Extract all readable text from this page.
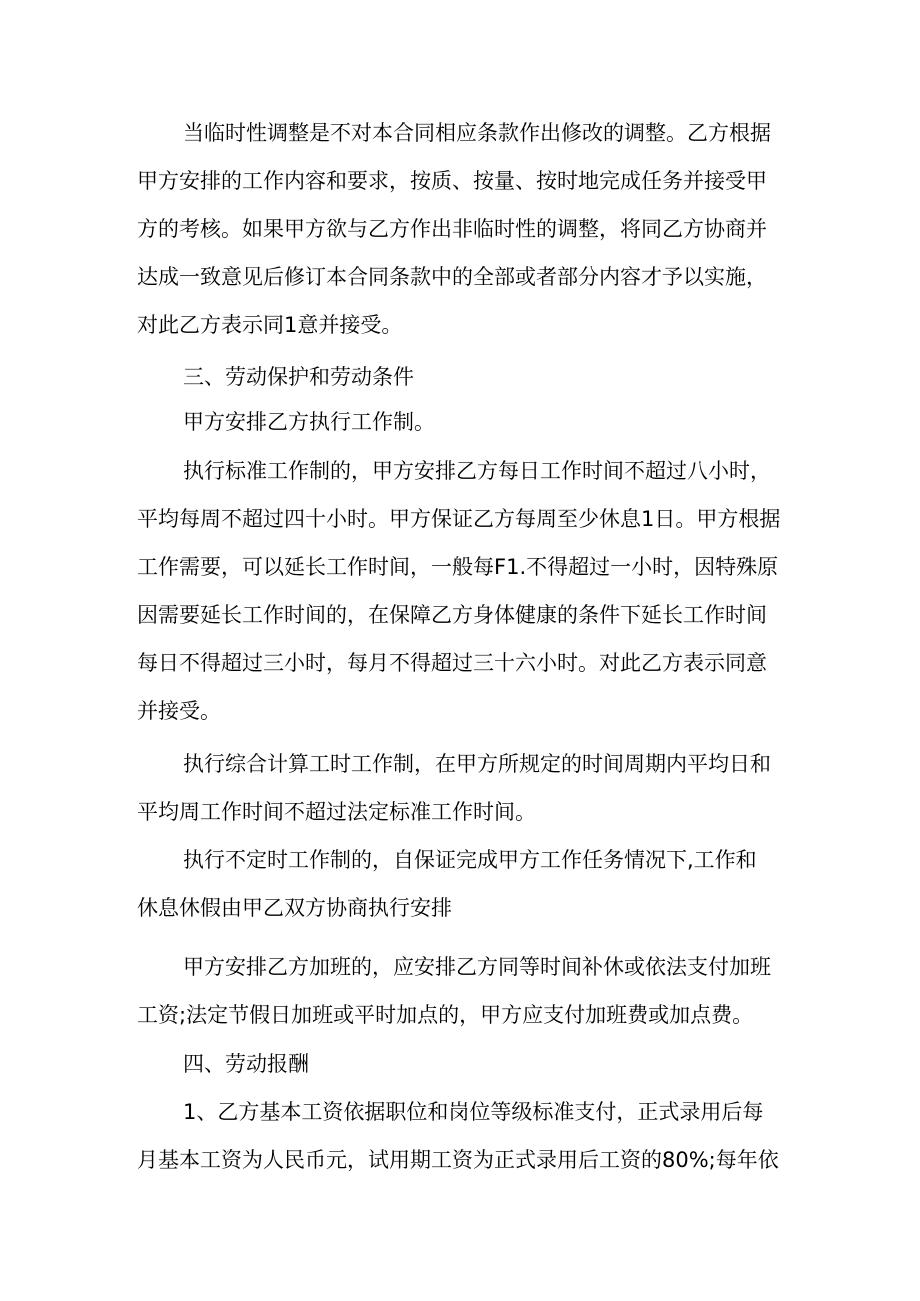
当临时性调整是不对本合同相应条款作出修改的调整。乙方根据
甲方安排的工作内容和要求，按质、按量、按时地完成任务并接受甲
方的考核。如果甲方欲与乙方作出非临时性的调整，将同乙方协商并
达成一致意见后修订本合同条款中的全部或者部分内容才予以实施，
对此乙方表示同1意并接受。
三、劳动保护和劳动条件
甲方安排乙方执行工作制。
执行标准工作制的，甲方安排乙方每日工作时间不超过八小时，
平均每周不超过四十小时。甲方保证乙方每周至少休息1日。甲方根据
工作需要，可以延长工作时间，一般每F1.不得超过一小时，因特殊原
因需要延长工作时间的，在保障乙方身体健康的条件下延长工作时间
每日不得超过三小时，每月不得超过三十六小时。对此乙方表示同意
并接受。
执行综合计算工时工作制，在甲方所规定的时间周期内平均日和
平均周工作时间不超过法定标准工作时间。
执行不定时工作制的，自保证完成甲方工作任务情况下,工作和
休息休假由甲乙双方协商执行安排
甲方安排乙方加班的，应安排乙方同等时间补休或依法支付加班
工资;法定节假日加班或平时加点的，甲方应支付加班费或加点费。
四、劳动报酬
1、乙方基本工资依据职位和岗位等级标准支付，正式录用后每
月基本工资为人民币元，试用期工资为正式录用后工资的80%;每年依
